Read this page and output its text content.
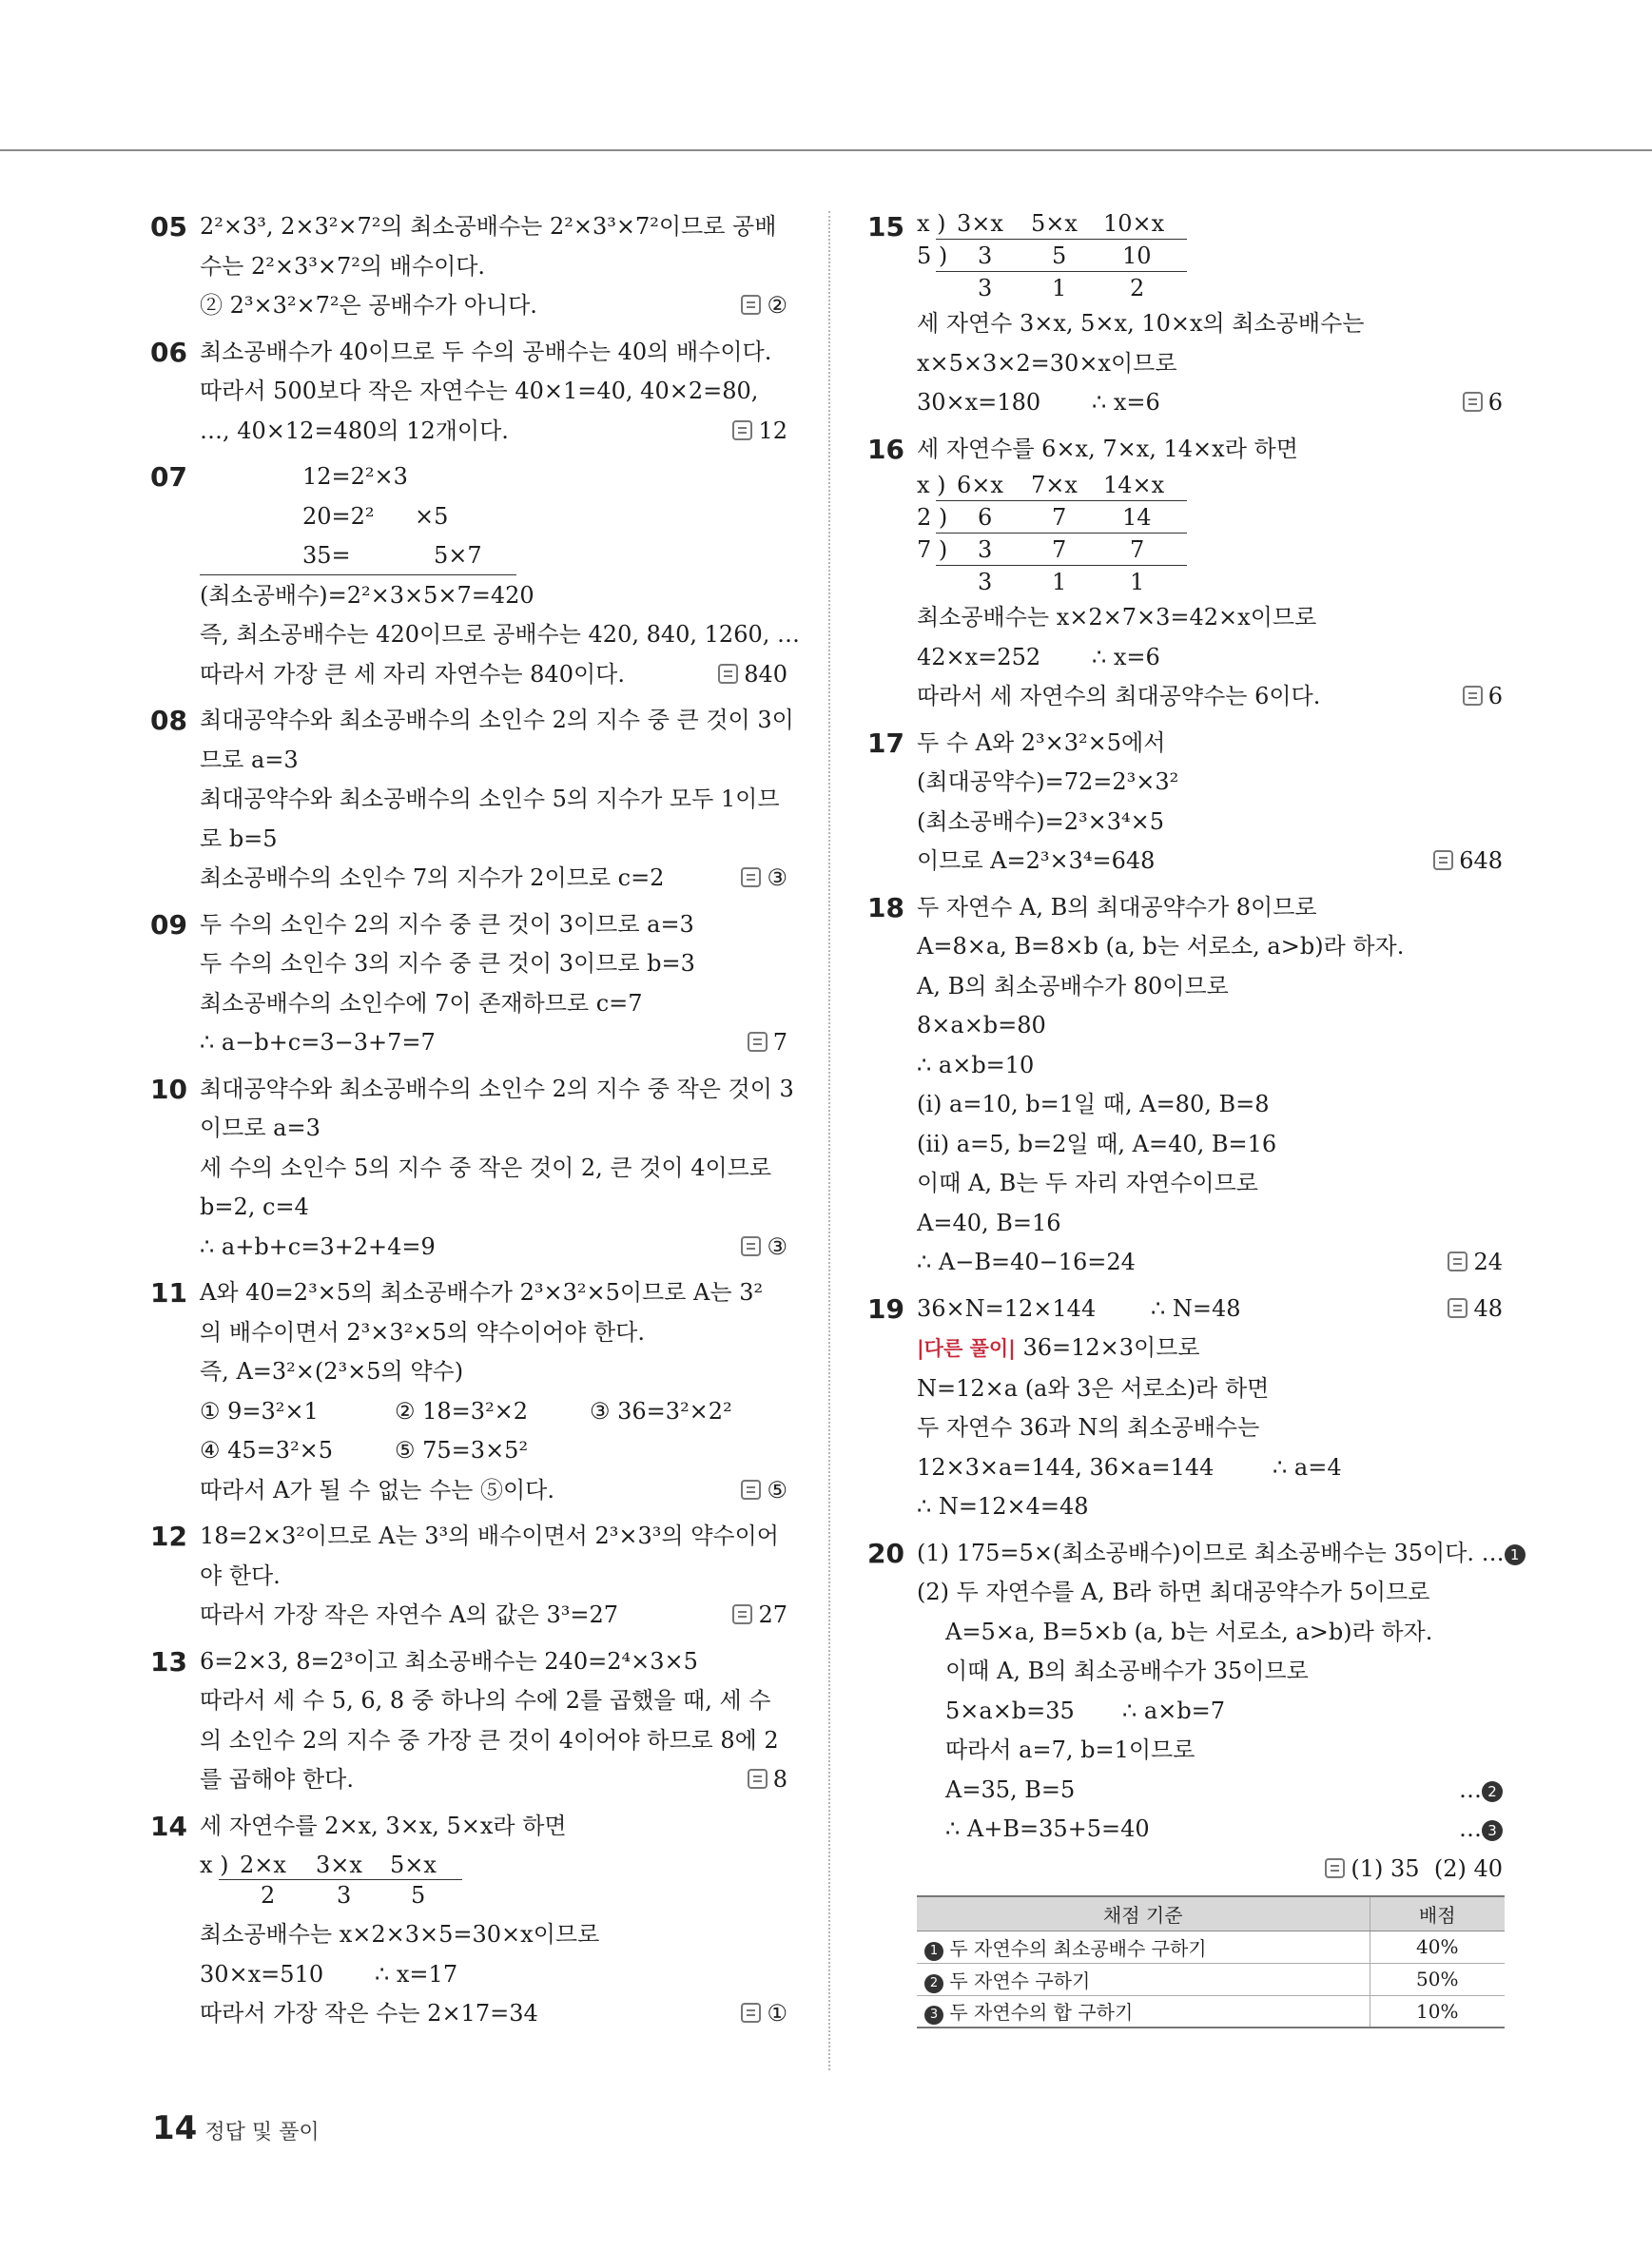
05 2²×3³, 2×3²×7²의 최소공배수는 2²×3³×7²이므로 공배
수는 2²×3³×7²의 배수이다.
② 2³×3²×7²은 공배수가 아니다.	②
06 최소공배수가 40이므로 두 수의 공배수는 40의 배수이다.
따라서 500보다 작은 자연수는 40×1=40, 40×2=80,
…, 40×12=480의 12개이다.	12
07	12=2²×3

20=2² ×5

35=	5×7

(최소공배수)=2²×3×5×7=420
즉, 최소공배수는 420이므로 공배수는 420, 840, 1260, …
따라서 가장 큰 세 자리 자연수는 840이다.	840
08 최대공약수와 최소공배수의 소인수 2의 지수 중 큰 것이 3이
므로 a=3
최대공약수와 최소공배수의 소인수 5의 지수가 모두 1이므
로 b=5
최소공배수의 소인수 7의 지수가 2이므로 c=2	③
09 두 수의 소인수 2의 지수 중 큰 것이 3이므로 a=3
두 수의 소인수 3의 지수 중 큰 것이 3이므로 b=3
최소공배수의 소인수에 7이 존재하므로 c=7
∴ a−b+c=3−3+7=7	7
10 최대공약수와 최소공배수의 소인수 2의 지수 중 작은 것이 3
이므로 a=3
세 수의 소인수 5의 지수 중 작은 것이 2, 큰 것이 4이므로
b=2, c=4
∴ a+b+c=3+2+4=9	③
11 A와 40=2³×5의 최소공배수가 2³×3²×5이므로 A는 3²
의 배수이면서 2³×3²×5의 약수이어야 한다.
즉, A=3²×(2³×5의 약수)
① 9=3²×1	② 18=3²×2	③ 36=3²×2²

④ 45=3²×5	⑤ 75=3×5²

따라서 A가 될 수 없는 수는 ⑤이다.	⑤
12 18=2×3²이므로 A는 3³의 배수이면서 2³×3³의 약수이어
야 한다.
따라서 가장 작은 자연수 A의 값은 3³=27	27
13 6=2×3, 8=2³이고 최소공배수는 240=2⁴×3×5
따라서 세 수 5, 6, 8 중 하나의 수에 2를 곱했을 때, 세 수
의 소인수 2의 지수 중 가장 큰 것이 4이어야 하므로 8에 2
를 곱해야 한다.	8
14 세 자연수를 2×x, 3×x, 5×x라 하면
x ) 2×x 3×x 5×x

2	3	5

최소공배수는 x×2×3×5=30×x이므로
30×x=510 ∴ x=17

따라서 가장 작은 수는 2×17=34	①
15 x ) 3×x 5×x 10×x

5 ) 3	5 10

3	1	2

세 자연수 3×x, 5×x, 10×x의 최소공배수는
x×5×3×2=30×x이므로
30×x=180 ∴ x=6
	6
16 세 자연수를 6×x, 7×x, 14×x라 하면
x ) 6×x 7×x 14×x

2 ) 6	7 14

7 ) 3	7	7

3	1	1

최소공배수는 x×2×7×3=42×x이므로
42×x=252 ∴ x=6

따라서 세 자연수의 최대공약수는 6이다.	6
17 두 수 A와 2³×3²×5에서
(최대공약수)=72=2³×3²
(최소공배수)=2³×3⁴×5
이므로 A=2³×3⁴=648	648
18 두 자연수 A, B의 최대공약수가 8이므로
A=8×a, B=8×b (a, b는 서로소, a>b)라 하자.
A, B의 최소공배수가 80이므로
8×a×b=80
∴ a×b=10
(ⅰ) a=10, b=1일 때, A=80, B=8
(ⅱ) a=5, b=2일 때, A=40, B=16
이때 A, B는 두 자리 자연수이므로
A=40, B=16
∴ A−B=40−16=24	24
19 36×N=12×144 ∴ N=48
	48
|다른 풀이| 36=12×3이므로
N=12×a (a와 3은 서로소)라 하면
두 자연수 36과 N의 최소공배수는
12×3×a=144, 36×a=144	∴ a=4

∴ N=12×4=48
20 (1) 175=5×(최소공배수)이므로 최소공배수는 35이다. … 1
(2) 두 자연수를 A, B라 하면 최대공약수가 5이므로
A=5×a, B=5×b (a, b는 서로소, a>b)라 하자.
이때 A, B의 최소공배수가 35이므로
5×a×b=35 ∴ a×b=7

따라서 a=7, b=1이므로
A=35, B=5	… 2
∴ A+B=35+5=40	… 3

(1) 35  (2) 40
채점 기준	배점
1 두 자연수의 최소공배수 구하기	40%
2 두 자연수 구하기	50%
3 두 자연수의 합 구하기	10%
14 정답 및 풀이
